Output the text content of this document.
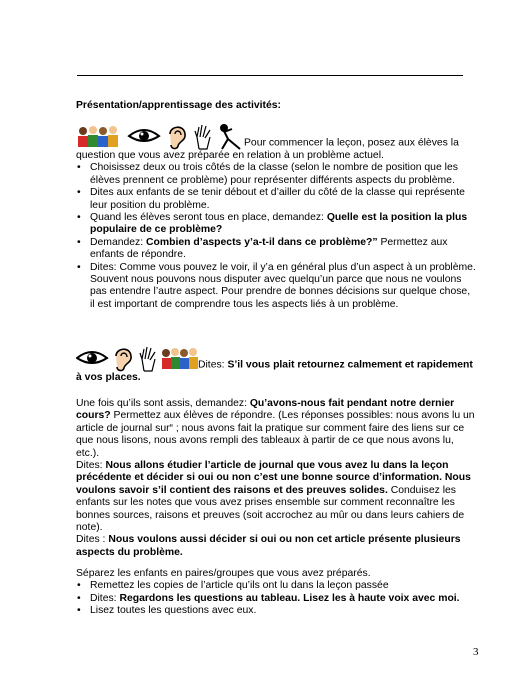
Présentation/apprentissage des activités:

Pour commencer la leçon, posez aux élèves la question que vous avez préparée en relation à un problème actuel.

• Choisissez deux ou trois côtés de la classe (selon le nombre de position que les élèves prennent ce problème) pour représenter différents aspects du problème.
• Dites aux enfants de se tenir débout et d’ailler du côté de la classe qui représente leur position du problème.
• Quand les élèves seront tous en place, demandez: Quelle est la position la plus populaire de ce problème?
• Demandez: Combien d’aspects y’a-t-il dans ce problème?” Permettez aux enfants de répondre.
• Dites: Comme vous pouvez le voir, il y’a en général plus d’un aspect à un problème. Souvent nous pouvons nous disputer avec quelqu’un parce que nous ne voulons pas entendre l’autre aspect. Pour prendre de bonnes décisions sur quelque chose, il est important de comprendre tous les aspects liés à un problème.

Dites: S’il vous plait retournez calmement et rapidement à vos places.

Une fois qu’ils sont assis, demandez: Qu’avons-nous fait pendant notre dernier cours? Permettez aux élèves de répondre. (Les réponses possibles: nous avons lu un article de journal sur“ ; nous avons fait la pratique sur comment faire des liens sur ce que nous lisons, nous avons rempli des tableaux à partir de ce que nous avons lu, etc.).

Dites: Nous allons étudier l’article de journal que vous avez lu dans la leçon précédente et décider si oui ou non c’est une bonne source d’information. Nous voulons savoir s’il contient des raisons et des preuves solides. Conduisez les enfants sur les notes que vous avez prises ensemble sur comment reconnaître les bonnes sources, raisons et preuves (soit accrochez au mûr ou dans leurs cahiers de note).

Dites : Nous voulons aussi décider si oui ou non cet article présente plusieurs aspects du problème.

Séparez les enfants en paires/groupes que vous avez préparés.

• Remettez les copies de l’article qu’ils ont lu dans la leçon passée
• Dites: Regardons les questions au tableau. Lisez les à haute voix avec moi.
• Lisez toutes les questions avec eux.
3
